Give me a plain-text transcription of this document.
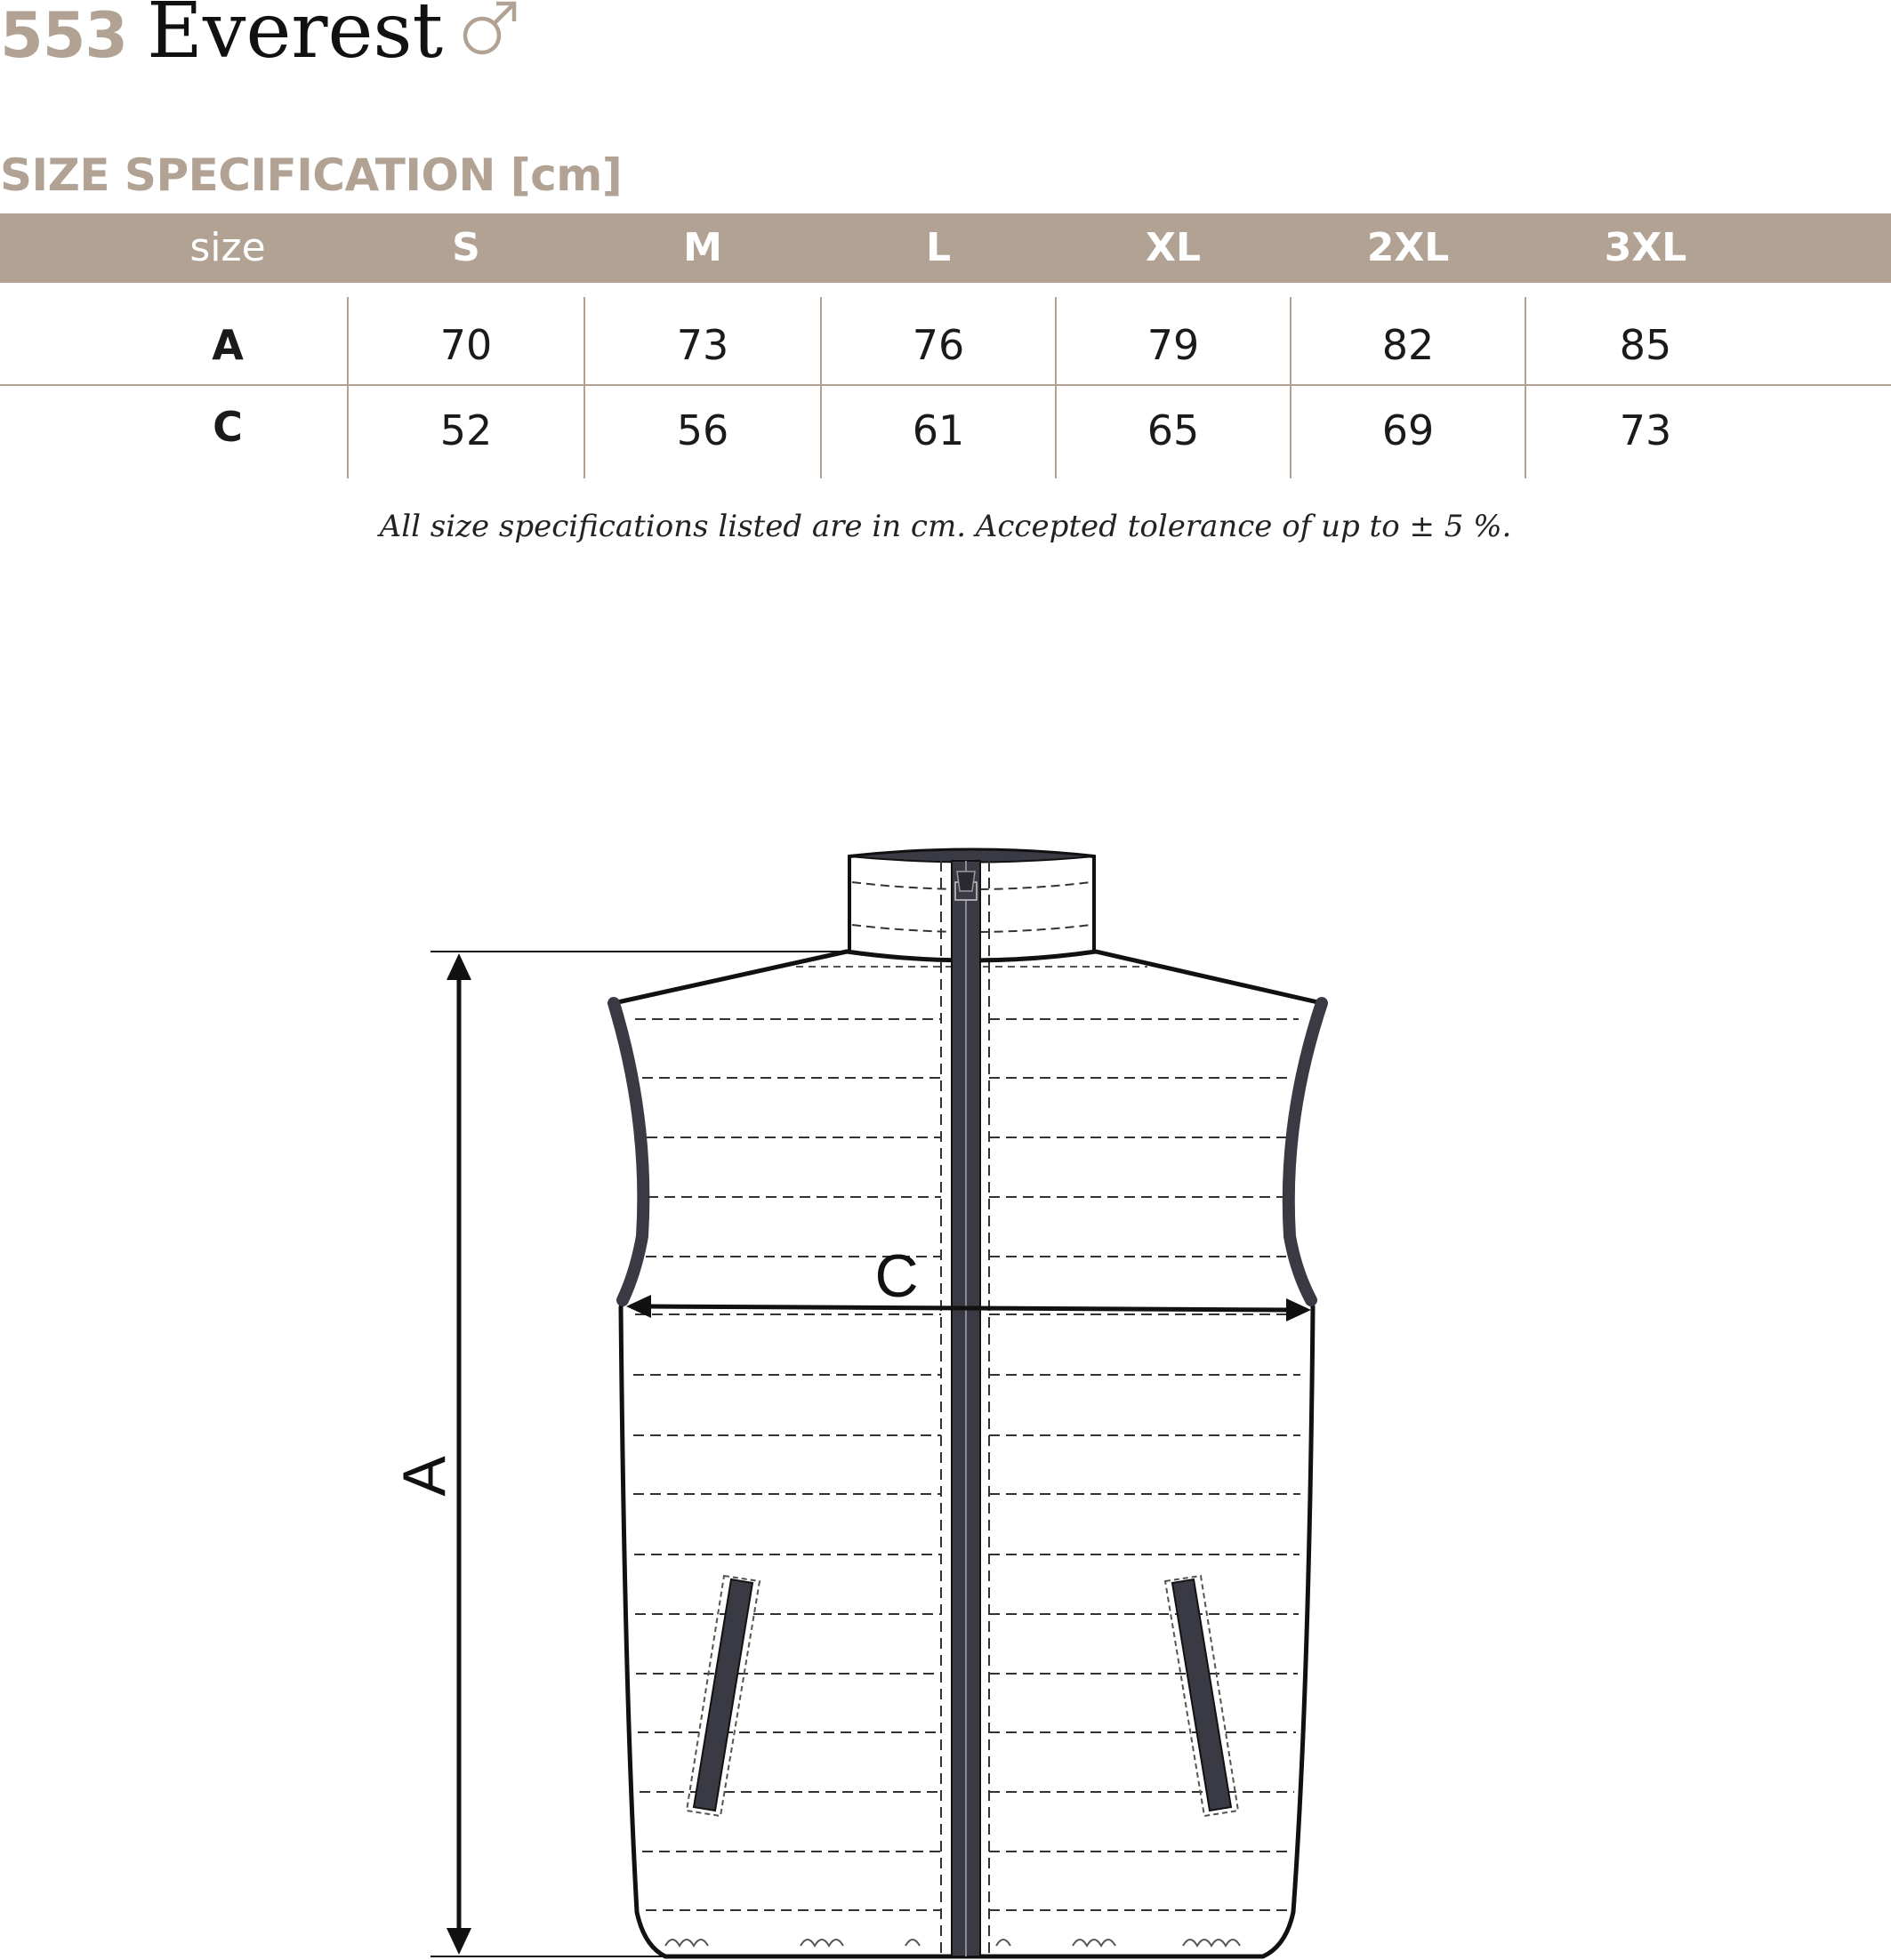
553 Everest
SIZE SPECIFICATION [cm]
size	S	M	L	XL	2XL	3XL
A	70	73	76	79	82	85
C	52	56	61	65	69	73
All size specifications listed are in cm. Accepted tolerance of up to ± 5 %.
A
C
